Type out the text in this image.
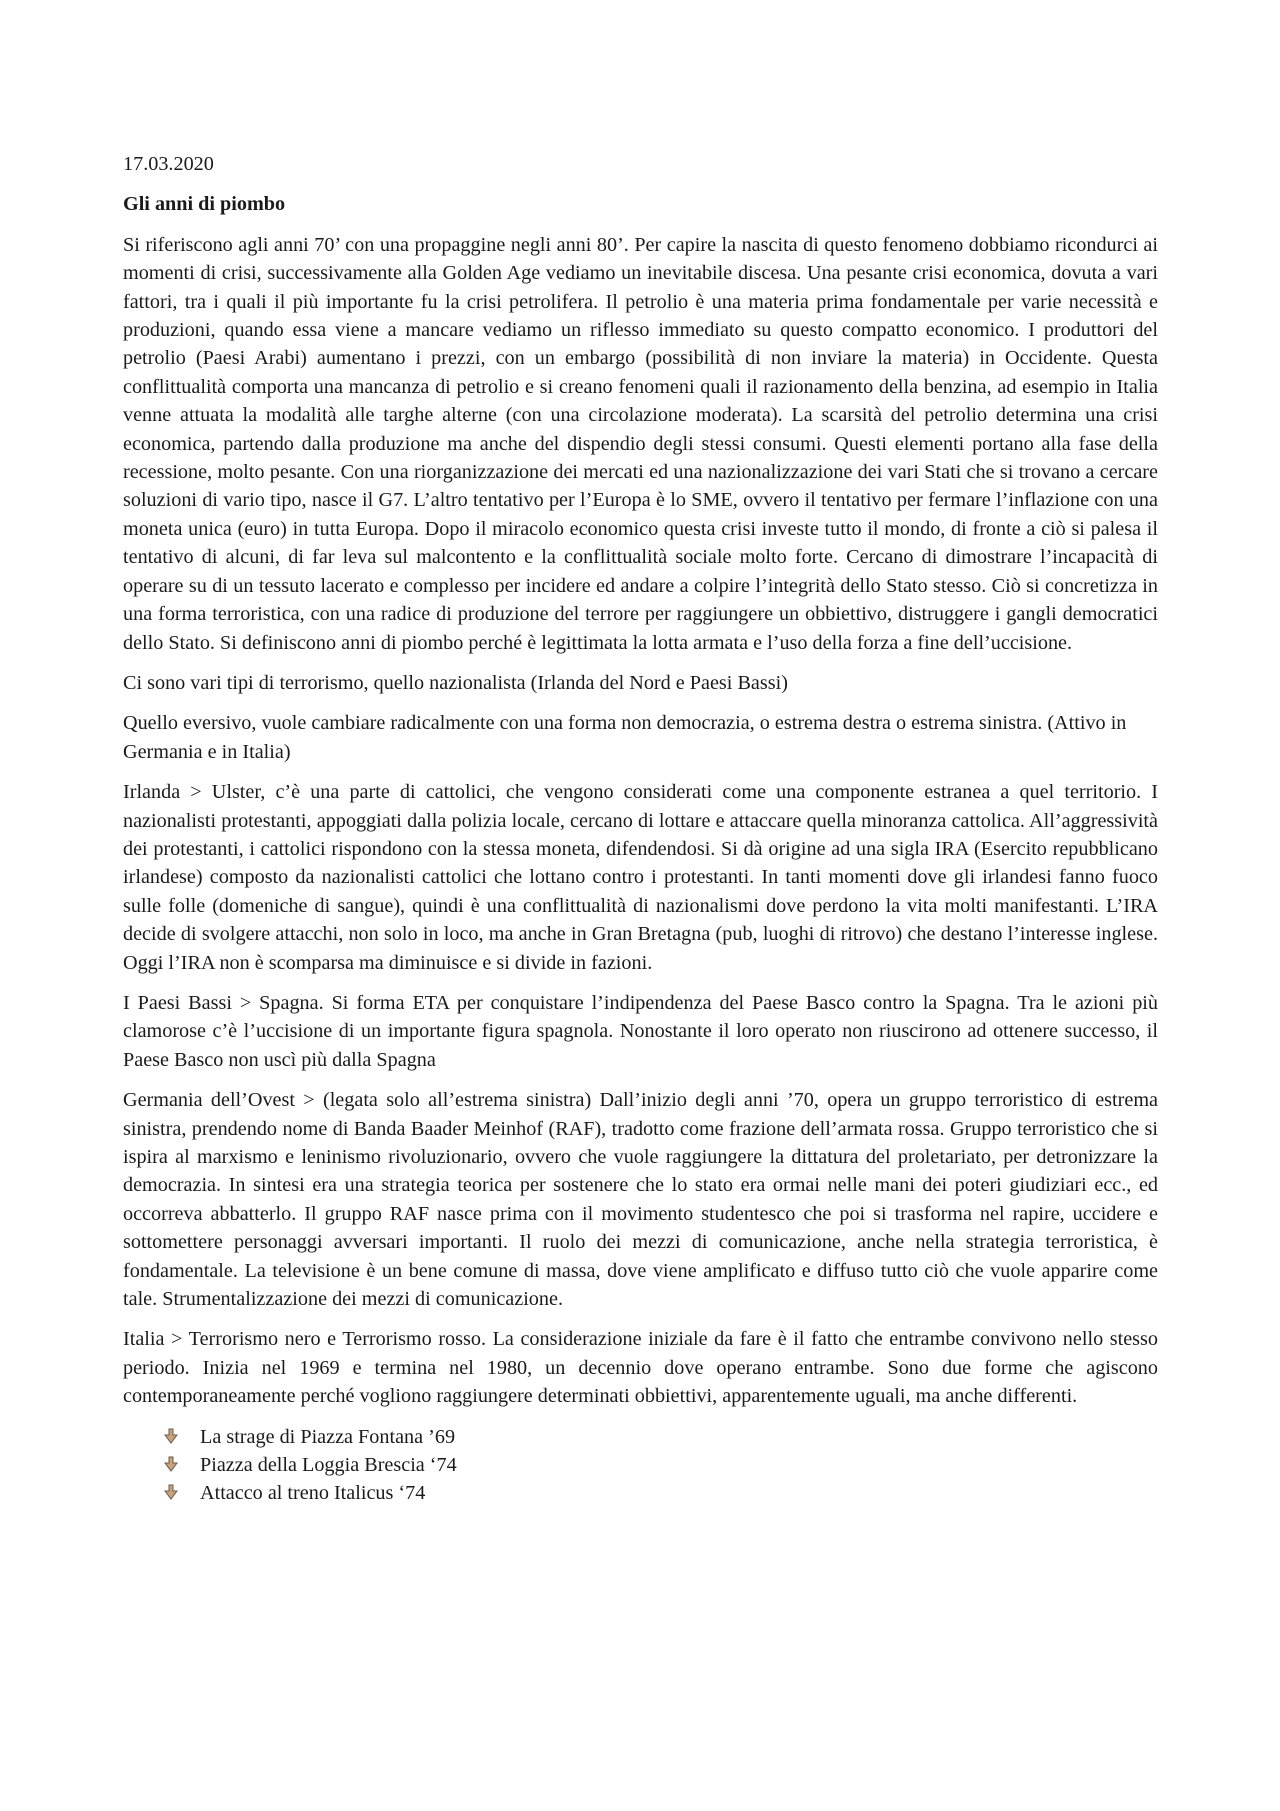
17.03.2020
Gli anni di piombo

Si riferiscono agli anni 70’ con una propaggine negli anni 80’. Per capire la nascita di questo fenomeno dobbiamo ricondurci ai momenti di crisi, successivamente alla Golden Age vediamo un inevitabile discesa. Una pesante crisi economica, dovuta a vari fattori, tra i quali il più importante fu la crisi petrolifera. Il petrolio è una materia prima fondamentale per varie necessità e produzioni, quando essa viene a mancare vediamo un riflesso immediato su questo compatto economico. I produttori del petrolio (Paesi Arabi) aumentano i prezzi, con un embargo (possibilità di non inviare la materia) in Occidente. Questa conflittualità comporta una mancanza di petrolio e si creano fenomeni quali il razionamento della benzina, ad esempio in Italia venne attuata la modalità alle targhe alterne (con una circolazione moderata). La scarsità del petrolio determina una crisi economica, partendo dalla produzione ma anche del dispendio degli stessi consumi. Questi elementi portano alla fase della recessione, molto pesante. Con una riorganizzazione dei mercati ed una nazionalizzazione dei vari Stati che si trovano a cercare soluzioni di vario tipo, nasce il G7. L’altro tentativo per l’Europa è lo SME, ovvero il tentativo per fermare l’inflazione con una moneta unica (euro) in tutta Europa. Dopo il miracolo economico questa crisi investe tutto il mondo, di fronte a ciò si palesa il tentativo di alcuni, di far leva sul malcontento e la conflittualità sociale molto forte. Cercano di dimostrare l’incapacità di operare su di un tessuto lacerato e complesso per incidere ed andare a colpire l’integrità dello Stato stesso. Ciò si concretizza in una forma terroristica, con una radice di produzione del terrore per raggiungere un obbiettivo, distruggere i gangli democratici dello Stato. Si definiscono anni di piombo perché è legittimata la lotta armata e l’uso della forza a fine dell’uccisione.

Ci sono vari tipi di terrorismo, quello nazionalista (Irlanda del Nord e Paesi Bassi)

Quello eversivo, vuole cambiare radicalmente con una forma non democrazia, o estrema destra o estrema sinistra. (Attivo in Germania e in Italia)

Irlanda > Ulster, c’è una parte di cattolici, che vengono considerati come una componente estranea a quel territorio. I nazionalisti protestanti, appoggiati dalla polizia locale, cercano di lottare e attaccare quella minoranza cattolica. All’aggressività dei protestanti, i cattolici rispondono con la stessa moneta, difendendosi. Si dà origine ad una sigla IRA (Esercito repubblicano irlandese) composto da nazionalisti cattolici che lottano contro i protestanti. In tanti momenti dove gli irlandesi fanno fuoco sulle folle (domeniche di sangue), quindi è una conflittualità di nazionalismi dove perdono la vita molti manifestanti. L’IRA decide di svolgere attacchi, non solo in loco, ma anche in Gran Bretagna (pub, luoghi di ritrovo) che destano l’interesse inglese. Oggi l’IRA non è scomparsa ma diminuisce e si divide in fazioni.

I Paesi Bassi > Spagna. Si forma ETA per conquistare l’indipendenza del Paese Basco contro la Spagna. Tra le azioni più clamorose c’è l’uccisione di un importante figura spagnola. Nonostante il loro operato non riuscirono ad ottenere successo, il Paese Basco non uscì più dalla Spagna

Germania dell’Ovest > (legata solo all’estrema sinistra) Dall’inizio degli anni ’70, opera un gruppo terroristico di estrema sinistra, prendendo nome di Banda Baader Meinhof (RAF), tradotto come frazione dell’armata rossa. Gruppo terroristico che si ispira al marxismo e leninismo rivoluzionario, ovvero che vuole raggiungere la dittatura del proletariato, per detronizzare la democrazia. In sintesi era una strategia teorica per sostenere che lo stato era ormai nelle mani dei poteri giudiziari ecc., ed occorreva abbatterlo. Il gruppo RAF nasce prima con il movimento studentesco che poi si trasforma nel rapire, uccidere e sottomettere personaggi avversari importanti. Il ruolo dei mezzi di comunicazione, anche nella strategia terroristica, è fondamentale. La televisione è un bene comune di massa, dove viene amplificato e diffuso tutto ciò che vuole apparire come tale. Strumentalizzazione dei mezzi di comunicazione.

Italia > Terrorismo nero e Terrorismo rosso. La considerazione iniziale da fare è il fatto che entrambe convivono nello stesso periodo. Inizia nel 1969 e termina nel 1980, un decennio dove operano entrambe. Sono due forme che agiscono contemporaneamente perché vogliono raggiungere determinati obbiettivi, apparentemente uguali, ma anche differenti.

La strage di Piazza Fontana ’69
Piazza della Loggia Brescia ‘74
Attacco al treno Italicus ‘74
